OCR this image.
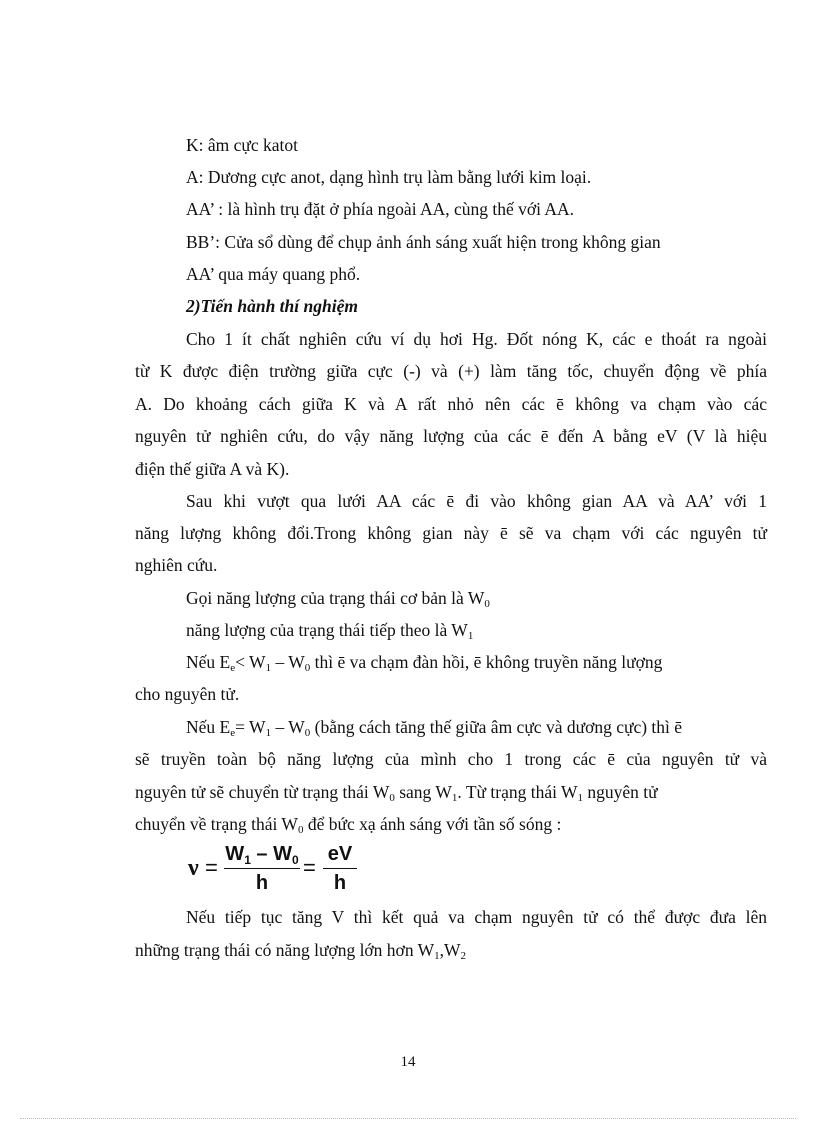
K: âm cực katot
A: Dương cực anot, dạng hình trụ làm bằng lưới kim loại.
AA’ : là hình trụ đặt ở phía ngoài AA, cùng thế với AA.
BB’: Cửa sổ dùng để chụp ảnh ánh sáng xuất hiện trong không gian
AA’ qua máy quang phổ.
2)Tiến hành thí nghiệm
Cho 1 ít chất nghiên cứu ví dụ hơi Hg. Đốt nóng K, các e thoát ra ngoài
từ K được điện trường giữa cực (-) và (+) làm tăng tốc, chuyển động về phía
A. Do khoảng cách giữa K và A rất nhỏ nên các ē không va chạm vào các
nguyên tử nghiên cứu, do vậy năng lượng của các ē đến A bằng eV (V là hiệu
điện thế giữa A và K).
Sau khi vượt qua lưới AA các ē đi vào không gian AA và AA’ với 1
năng lượng không đổi.Trong không gian này ē sẽ va chạm với các nguyên tử
nghiên cứu.
Gọi năng lượng của trạng thái cơ bản là $W_0$
năng lượng của trạng thái tiếp theo là $W_1$
Nếu $E_e< W_1 - W_0$ thì ē va chạm đàn hồi, ē không truyền năng lượng
cho nguyên tử.
Nếu $E_e= W_1 - W_0$ (bằng cách tăng thế giữa âm cực và dương cực) thì ē
sẽ truyền toàn bộ năng lượng của mình cho 1 trong các ē của nguyên tử và
nguyên tử sẽ chuyển từ trạng thái $W_0$ sang $W_1$. Từ trạng thái $W_1$ nguyên tử
chuyển về trạng thái $W_0$ để bức xạ ánh sáng với tần số sóng :
ν =
$W_1 - W_0$
h
=
eV
h
Nếu tiếp tục tăng V thì kết quả va chạm nguyên tử có thể được đưa lên
những trạng thái có năng lượng lớn hơn $W_1,W_2$
14
